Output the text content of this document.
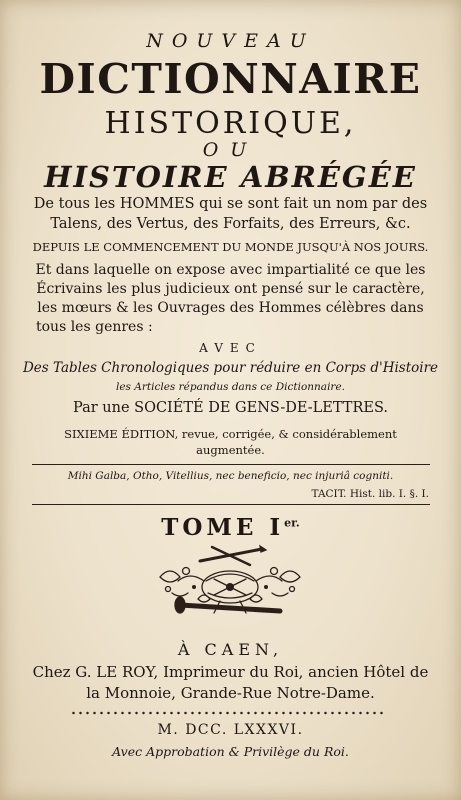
NOUVEAU
DICTIONNAIRE
HISTORIQUE,
OU
HISTOIRE ABRÉGÉE
De tous les HOMMES qui se sont fait un nom par des
Talens, des Vertus, des Forfaits, des Erreurs, &c.
DEPUIS LE COMMENCEMENT DU MONDE JUSQU'À NOS JOURS.
Et dans laquelle on expose avec impartialité ce que les
Écrivains les plus judicieux ont pensé sur le caractère,
les mœurs & les Ouvrages des Hommes célèbres dans
tous les genres :
AVEC
Des Tables Chronologiques pour réduire en Corps d'Histoire
les Articles répandus dans ce Dictionnaire.
Par une SOCIÉTÉ DE GENS-DE-LETTRES.
SIXIEME ÉDITION, revue, corrigée, & considérablement
augmentée.
Mihi Galba, Otho, Vitellius, nec beneficio, nec injuriâ cogniti.
TACIT. Hist. lib. I. §. I.
TOME $I^{er.}$
À CAEN,
Chez G. LE ROY, Imprimeur du Roi, ancien Hôtel de
la Monnoie, Grande-Rue Notre-Dame.
M. DCC. LXXXVI.
Avec Approbation & Privilège du Roi.
